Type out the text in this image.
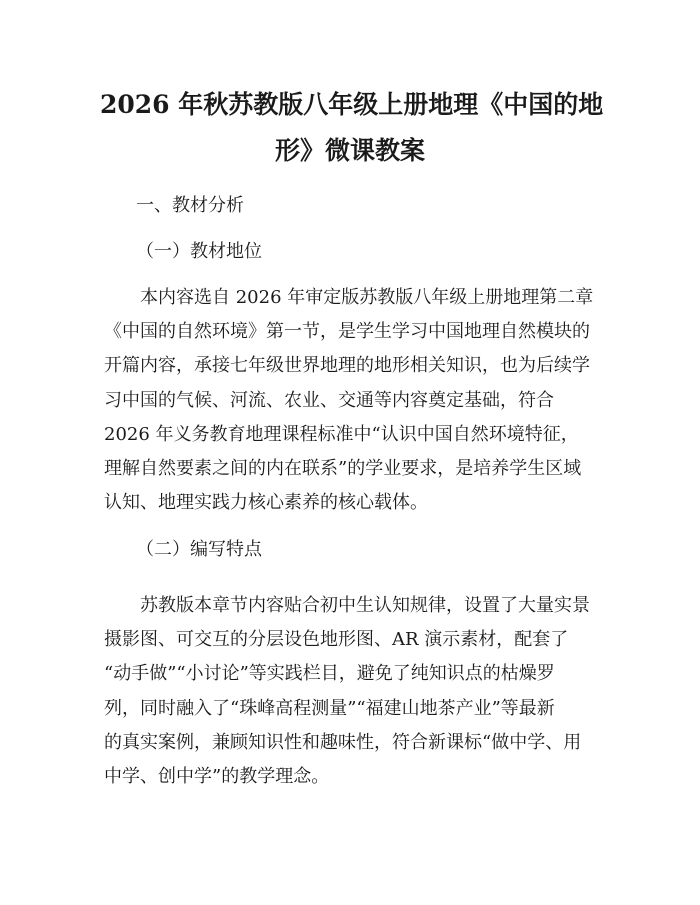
2026 年秋苏教版八年级上册地理《中国的地
形》微课教案

一、教材分析

（一）教材地位

本内容选自 2026 年审定版苏教版八年级上册地理第二章
《中国的自然环境》第一节，是学生学习中国地理自然模块的
开篇内容，承接七年级世界地理的地形相关知识，也为后续学
习中国的气候、河流、农业、交通等内容奠定基础，符合
2026 年义务教育地理课程标准中“认识中国自然环境特征，
理解自然要素之间的内在联系”的学业要求，是培养学生区域
认知、地理实践力核心素养的核心载体。

（二）编写特点

苏教版本章节内容贴合初中生认知规律，设置了大量实景
摄影图、可交互的分层设色地形图、AR 演示素材，配套了
“动手做”“小讨论”等实践栏目，避免了纯知识点的枯燥罗
列，同时融入了“珠峰高程测量”“福建山地茶产业”等最新
的真实案例，兼顾知识性和趣味性，符合新课标“做中学、用
中学、创中学”的教学理念。
